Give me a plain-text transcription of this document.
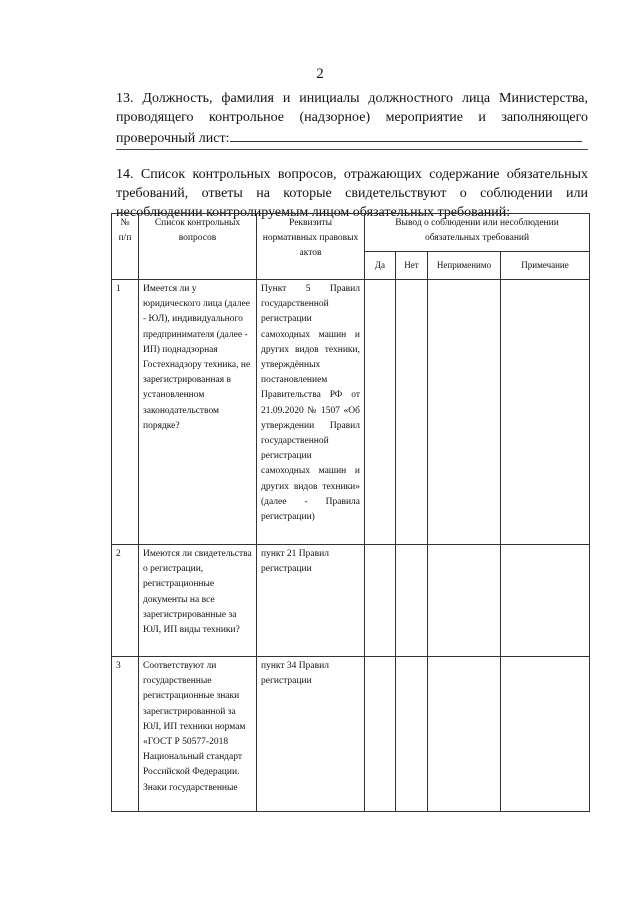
2
13. Должность, фамилия и инициалы должностного лица Министерства,
проводящего контрольное (надзорное) мероприятие и заполняющего
проверочный лист:
14. Список контрольных вопросов, отражающих содержание обязательных
требований, ответы на которые свидетельствуют о соблюдении или
несоблюдении контролируемым лицом обязательных требований:
№ п/п	Список контрольных вопросов	Реквизиты нормативных правовых актов	Вывод о соблюдении или несоблюдении обязательных требований			
			Да	Нет	Неприменимо	Примечание
1	Имеется ли у юридического лица (далее - ЮЛ), индивидуального предпринимателя (далее - ИП) поднадзорная Гостехнадзору техника, не зарегистрированная в установленном законодательством порядке?	Пункт 5 Правил государственной регистрации самоходных машин и других видов техники, утверждённых постановлением Правительства РФ от 21.09.2020 № 1507 «Об утверждении Правил государственной регистрации самоходных машин и других видов техники» (далее - Правила регистрации)				
2	Имеются ли свидетельства о регистрации, регистрационные документы на все зарегистрированные за ЮЛ, ИП виды техники?	пункт 21 Правил регистрации				
3	Соответствуют ли государственные регистрационные знаки зарегистрированной за ЮЛ, ИП техники нормам «ГОСТ Р 50577-2018 Национальный стандарт Российской Федерации. Знаки государственные	пункт 34 Правил регистрации				
